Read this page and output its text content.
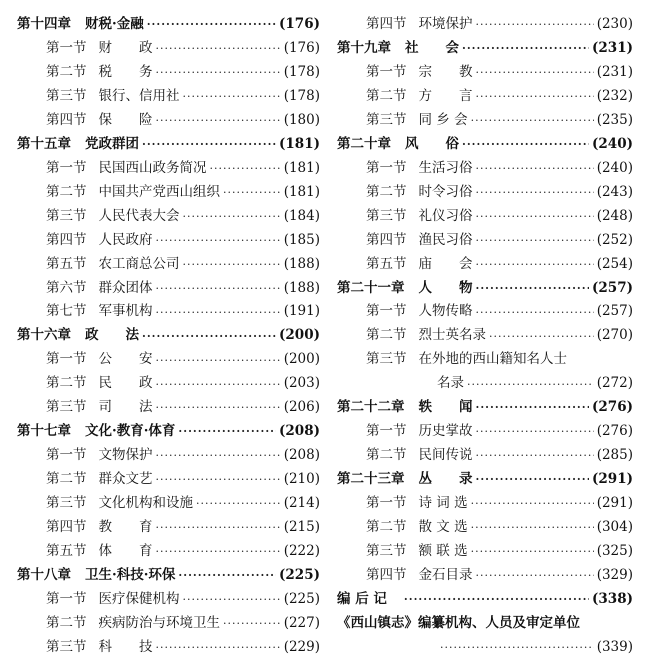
第十四章 财税·金融 ·····	(176)
第一节 财　　政 ·····	(176)
第二节 税　　务 ·····	(178)
第三节 银行、信用社 ·····	(178)
第四节 保　　险 ·····	(180)
第十五章 党政群团 ·····	(181)
第一节 民国西山政务简况 ·····	(181)
第二节 中国共产党西山组织 ·····	(181)
第三节 人民代表大会 ·····	(184)
第四节 人民政府 ·····	(185)
第五节 农工商总公司 ·····	(188)
第六节 群众团体 ·····	(188)
第七节 军事机构 ·····	(191)
第十六章 政　　法 ·····	(200)
第一节 公　　安 ·····	(200)
第二节 民　　政 ·····	(203)
第三节 司　　法 ·····	(206)
第十七章 文化·教育·体育 ·····	(208)
第一节 文物保护 ·····	(208)
第二节 群众文艺 ·····	(210)
第三节 文化机构和设施 ·····	(214)
第四节 教　　育 ·····	(215)
第五节 体　　育 ·····	(222)
第十八章 卫生·科技·环保 ·····	(225)
第一节 医疗保健机构 ·····	(225)
第二节 疾病防治与环境卫生 ·····	(227)
第三节 科　　技 ·····	(229)
第四节 环境保护 ·····	(230)
第十九章 社　　会 ·····	(231)
第一节 宗　　教 ·····	(231)
第二节 方　　言 ·····	(232)
第三节 同 乡 会 ·····	(235)
第二十章 风　　俗 ·····	(240)
第一节 生活习俗 ·····	(240)
第二节 时令习俗 ·····	(243)
第三节 礼仪习俗 ·····	(248)
第四节 渔民习俗 ·····	(252)
第五节 庙　　会 ·····	(254)
第二十一章 人　　物 ·····	(257)
第一节 人物传略 ·····	(257)
第二节 烈士英名录 ·····	(270)
第三节 在外地的西山籍知名人士
名录 ·····	(272)
第二十二章 轶　　闻 ·····	(276)
第一节 历史掌故 ·····	(276)
第二节 民间传说 ·····	(285)
第二十三章 丛　　录 ·····	(291)
第一节 诗 词 选 ·····	(291)
第二节 散 文 选 ·····	(304)
第三节 额 联 选 ·····	(325)
第四节 金石目录 ·····	(329)
编 后 记 ·····	(338)
《西山镇志》编纂机构、人员及审定单位
·····
(339)
